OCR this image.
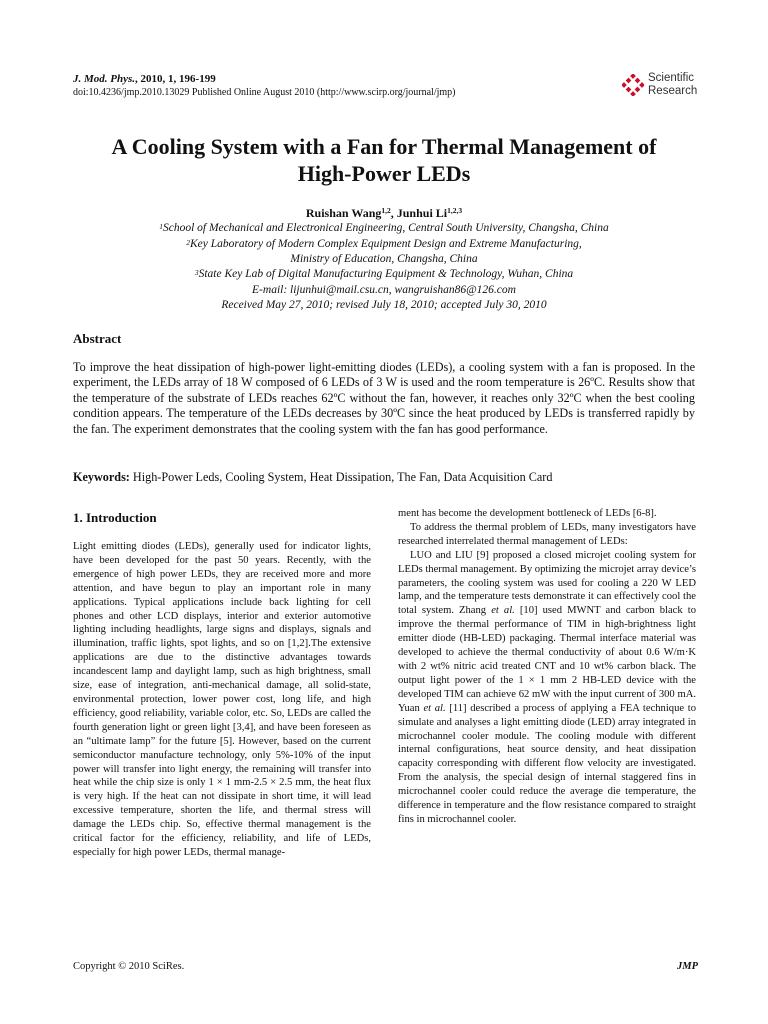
J. Mod. Phys., 2010, 1, 196-199
doi:10.4236/jmp.2010.13029 Published Online August 2010 (http://www.scirp.org/journal/jmp)
Scientific
Research
A Cooling System with a Fan for Thermal Management of
High-Power LEDs
Ruishan Wang$^{1,2}$, Junhui Li$^{1,2,3}$
$^1$School of Mechanical and Electronical Engineering, Central South University, Changsha, China
$^2$Key Laboratory of Modern Complex Equipment Design and Extreme Manufacturing,
Ministry of Education, Changsha, China
$^3$State Key Lab of Digital Manufacturing Equipment & Technology, Wuhan, China
E-mail: lijunhui@mail.csu.cn, wangruishan86@126.com
Received May 27, 2010; revised July 18, 2010; accepted July 30, 2010
Abstract
To improve the heat dissipation of high-power light-emitting diodes (LEDs), a cooling system with a fan is proposed. In the experiment, the LEDs array of 18 W composed of 6 LEDs of 3 W is used and the room temperature is 26ºC. Results show that the temperature of the substrate of LEDs reaches 62ºC without the fan, however, it reaches only 32ºC when the best cooling condition appears. The temperature of the LEDs decreases by 30ºC since the heat produced by LEDs is transferred rapidly by the fan. The experiment demonstrates that the cooling system with the fan has good performance.
Keywords: High-Power Leds, Cooling System, Heat Dissipation, The Fan, Data Acquisition Card
1. Introduction

Light emitting diodes (LEDs), generally used for indicator lights, have been developed for the past 50 years. Recently, with the emergence of high power LEDs, they are received more and more attention, and have begun to play an important role in many applications. Typical applications include back lighting for cell phones and other LCD displays, interior and exterior automotive lighting including headlights, large signs and displays, signals and illumination, traffic lights, spot lights, and so on [1,2].The extensive applications are due to the distinctive advantages towards incandescent lamp and daylight lamp, such as high brightness, small size, ease of integration, anti-mechanical damage, all solid-state, environmental protection, lower power cost, long life, and high efficiency, good reliability, variable color, etc. So, LEDs are called the fourth generation light or green light [3,4], and have been foreseen as an “ultimate lamp” for the future [5]. However, based on the current semiconductor manufacture technology, only 5%-10% of the input power will transfer into light energy, the remaining will transfer into heat while the chip size is only 1 × 1 mm-2.5 × 2.5 mm, the heat flux is very high. If the heat can not dissipate in short time, it will lead excessive temperature, shorten the life, and thermal stress will damage the LEDs chip. So, effective thermal management is the critical factor for the efficiency, reliability, and life of LEDs, especially for high power LEDs, thermal manage-

ment has become the development bottleneck of LEDs [6-8].

To address the thermal problem of LEDs, many investigators have researched interrelated thermal management of LEDs:

LUO and LIU [9] proposed a closed microjet cooling system for LEDs thermal management. By optimizing the microjet array device’s parameters, the cooling system was used for cooling a 220 W LED lamp, and the temperature tests demonstrate it can effectively cool the total system. Zhang et al. [10] used MWNT and carbon black to improve the thermal performance of TIM in high-brightness light emitter diode (HB-LED) packaging. Thermal interface material was developed to achieve the thermal conductivity of about 0.6 W/m·K with 2 wt% nitric acid treated CNT and 10 wt% carbon black. The output light power of the 1 × 1 mm 2 HB-LED device with the developed TIM can achieve 62 mW with the input current of 300 mA. Yuan et al. [11] described a process of applying a FEA technique to simulate and analyses a light emitting diode (LED) array integrated in microchannel cooler module. The cooling module with different internal configurations, heat source density, and heat dissipation capacity corresponding with different flow velocity are investigated. From the analysis, the special design of internal staggered fins in microchannel cooler could reduce the average die temperature, the difference in temperature and the flow resistance compared to straight fins in microchannel cooler.

Copyright © 2010 SciRes.	JMP
